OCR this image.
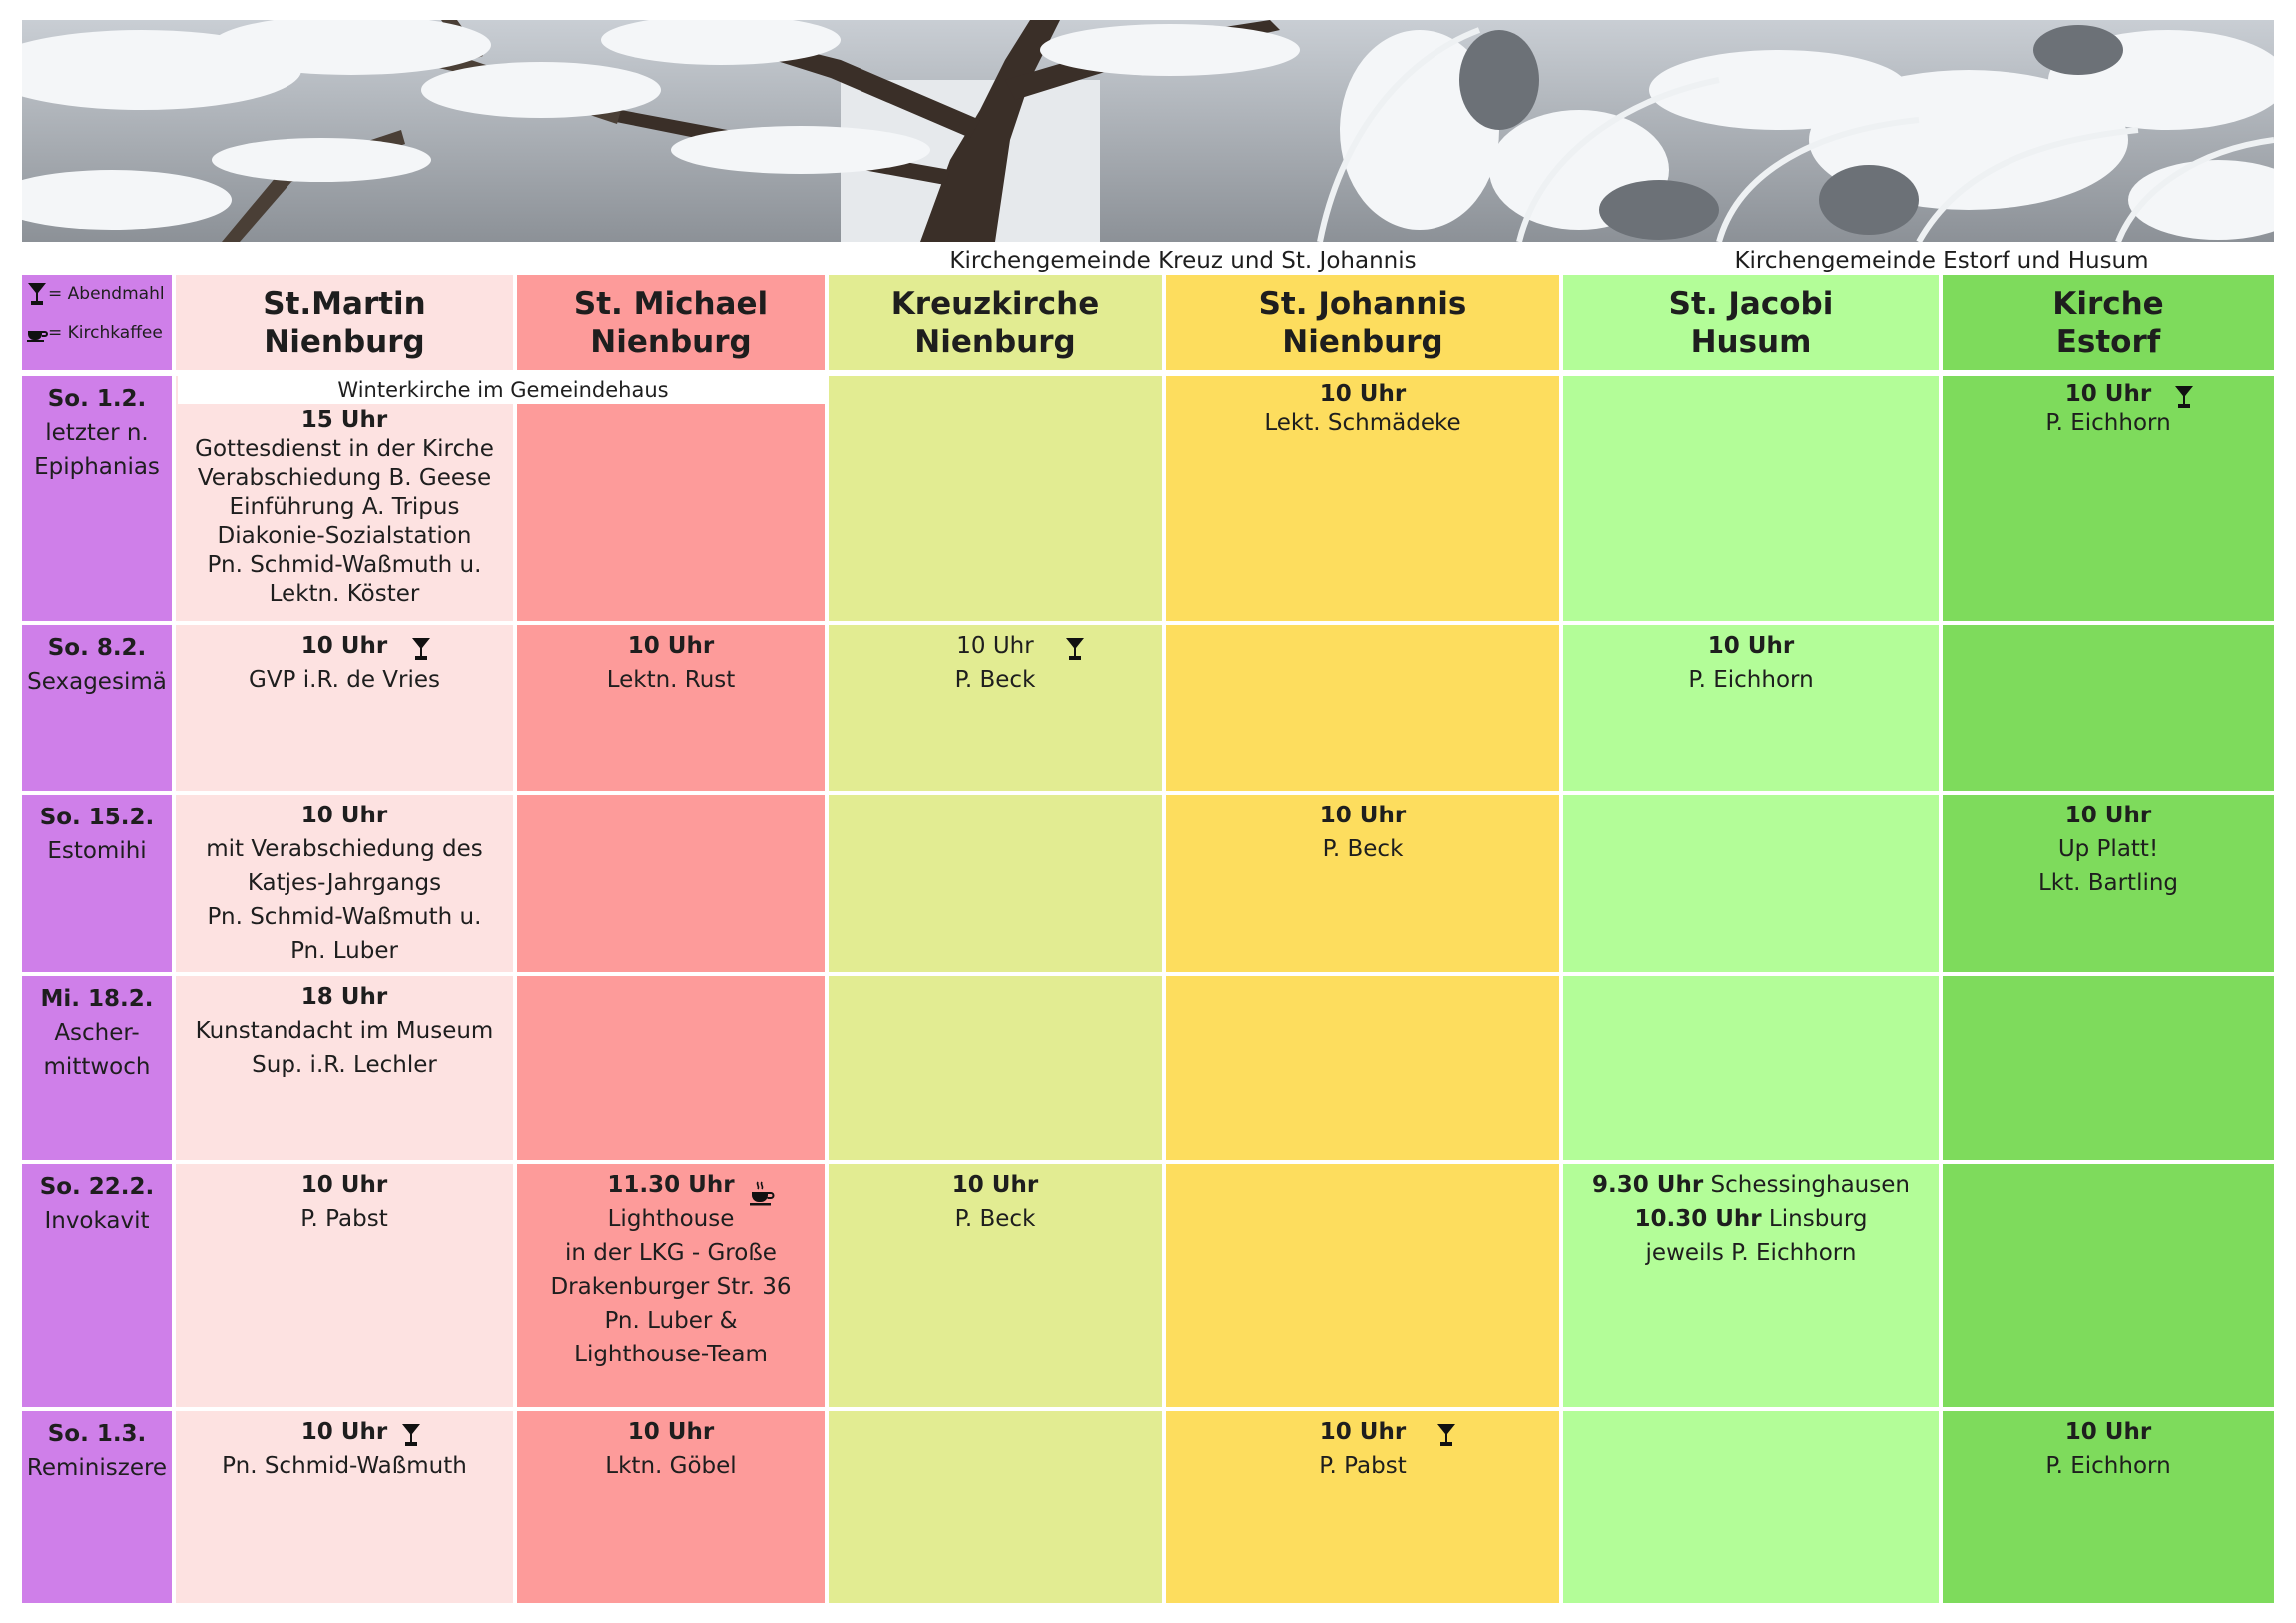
Kirchengemeinde Kreuz und St. Johannis	Kirchengemeinde Estorf und Husum
= Abendmahl
= Kirchkaffee
St.Martin
Nienburg
St. Michael
Nienburg
Kreuzkirche
Nienburg
St. Johannis
Nienburg
St. Jacobi
Husum
Kirche
Estorf
So. 1.2.
letzter n.
Epiphanias
15 Uhr
Gottesdienst in der Kirche
Verabschiedung B. Geese
Einführung A. Tripus
Diakonie-Sozialstation
Pn. Schmid-Waßmuth u.
Lektn. Köster
10 Uhr
Lekt. Schmädeke
10 Uhr
P. Eichhorn
Winterkirche im Gemeindehaus
So. 8.2.
Sexagesimä
10 Uhr
GVP i.R. de Vries
10 Uhr
Lektn. Rust
10 Uhr
P. Beck
10 Uhr
P. Eichhorn
So. 15.2.
Estomihi
10 Uhr
mit Verabschiedung des
Katjes-Jahrgangs
Pn. Schmid-Waßmuth u.
Pn. Luber
10 Uhr
P. Beck
10 Uhr
Up Platt!
Lkt. Bartling
Mi. 18.2.
Ascher-
mittwoch
18 Uhr
Kunstandacht im Museum
Sup. i.R. Lechler
So. 22.2.
Invokavit
10 Uhr
P. Pabst
11.30 Uhr
Lighthouse
in der LKG - Große
Drakenburger Str. 36
Pn. Luber &
Lighthouse-Team
10 Uhr
P. Beck
9.30 Uhr Schessinghausen
10.30 Uhr Linsburg
jeweils P. Eichhorn
So. 1.3.
Reminiszere
10 Uhr
Pn. Schmid-Waßmuth
10 Uhr
Lktn. Göbel
10 Uhr
P. Pabst
10 Uhr
P. Eichhorn
